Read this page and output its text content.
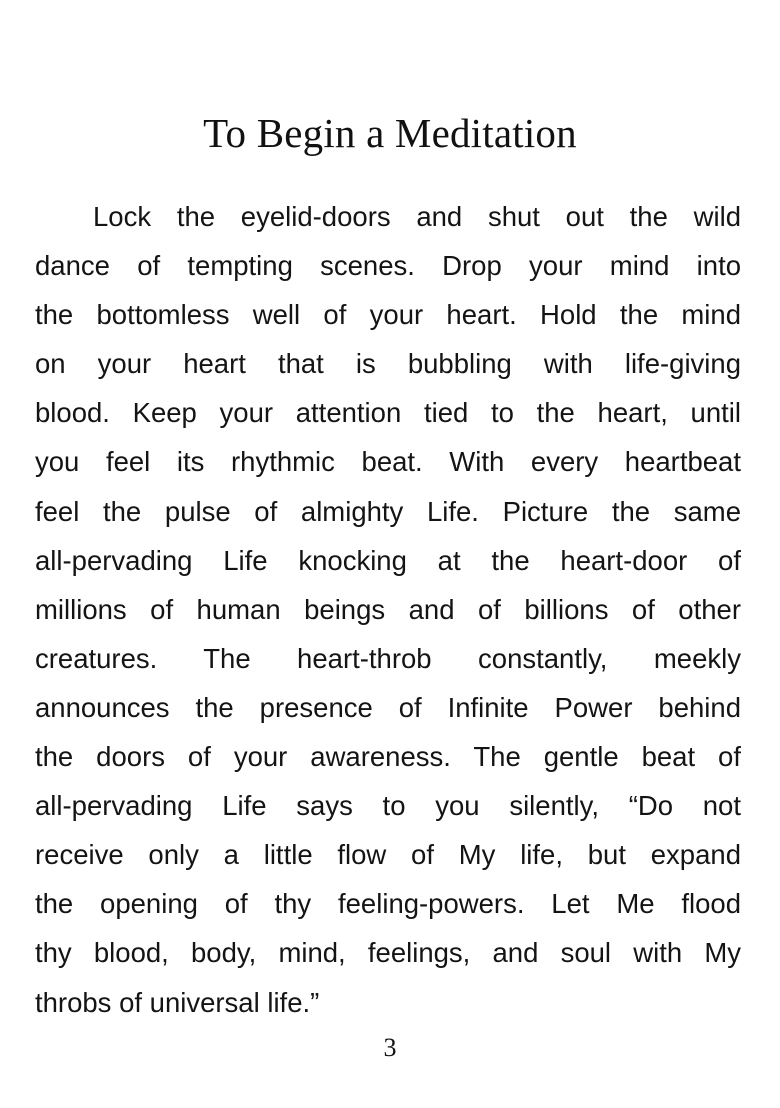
To Begin a Meditation
Lock the eyelid-doors and shut out the wild
dance of tempting scenes. Drop your mind into
the bottomless well of your heart. Hold the mind
on your heart that is bubbling with life-giving
blood. Keep your attention tied to the heart, until
you feel its rhythmic beat. With every heartbeat
feel the pulse of almighty Life. Picture the same
all-pervading Life knocking at the heart-door of
millions of human beings and of billions of other
creatures. The heart-throb constantly, meekly
announces the presence of Infinite Power behind
the doors of your awareness. The gentle beat of
all-pervading Life says to you silently, “Do not
receive only a little flow of My life, but expand
the opening of thy feeling-powers. Let Me flood
thy blood, body, mind, feelings, and soul with My
throbs of universal life.”
3
